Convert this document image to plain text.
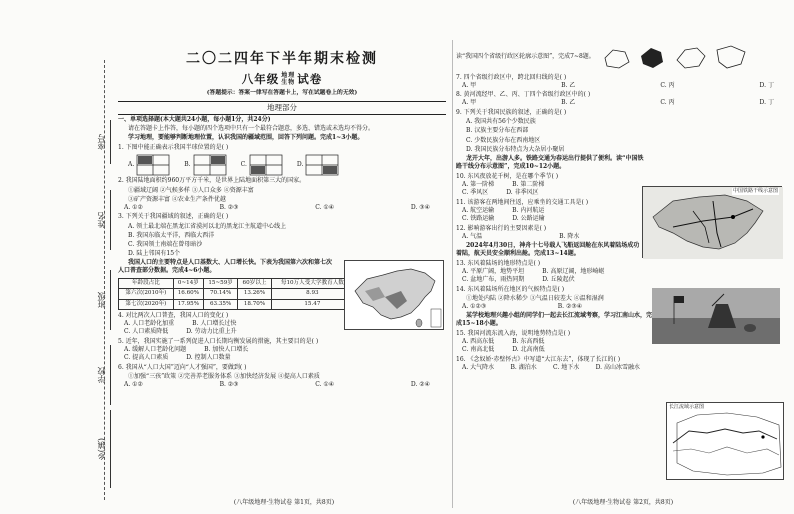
座号
姓名
班级
学校
乡(镇)
二〇二四年下半年期末检测
八年级 地理
生物 试卷
(答题提示：答案一律写在答题卡上，写在试题卷上的无效)
地理部分
一、单项选择题(本大题共24小题，每小题1分，共24分)
请在答题卡上作答，每小题的四个选项中只有一个最符合题意，多选、错选或未选均不得分。
学习地理，要能够判断地理位置，认识我国的疆域范围，回答下列问题。完成1~3小题。
1. 下图中能正确表示我国半球位置的是( )
A.	B.	C.	D.
2. 我国陆地面积约960万平方千米，是世界上陆地面积第三大的国家。
①疆域辽阔 ②气候多样 ③人口众多 ④资源丰富
③矿产资源丰富 ④农业生产条件优越
A. ①②	B. ②③	C. ①④	D. ③④
3. 下列关于我国疆域的叙述，正确的是( )
A. 领土最北端在黑龙江省漠河以北的黑龙江主航道中心线上
B. 我国东临太平洋，西临大西洋
C. 我国领土南端在曾母暗沙
D. 陆上邻国有15个
我国人口的主要特点是人口基数大、人口增长快。下表为我国第六次和第七次人口普查部分数据。完成4~6小题。
年龄段占比	0~14岁	15~59岁	60岁以上	每10万人受大学教育人数
第六次(2010年)	16.60%	70.14%	13.26%	8.93
第七次(2020年)	17.95%	63.35%	18.70%	15.47
4. 对比两次人口普查，我国人口的变化( )
A. 人口老龄化加重	B. 人口增长过快
C. 人口素质降低	D. 劳动力比重上升
5. 近年，我国实施了一系列促进人口长期均衡发展的措施，其主要目的是( )
A. 缓解人口老龄化问题	B. 加快人口增长
C. 提高人口素质	D. 控制人口数量
6. 我国从“人口大国”迈向“人才强国”，要做到( )
①加强“三孩”政策 ②完善养老服务体系 ③加快经济发展 ④提高人口素质
A. ①②	B. ②③	C. ①④	D. ②④
(八年级地理·生物试卷 第1页，共8页)
读“我国四个省级行政区轮廓示意图”，完成7~8题。
7. 四个省级行政区中，跨北回归线的是( )
A. 甲	B. 乙	C. 丙	D. 丁
8. 黄河流经甲、乙、丙、丁四个省级行政区中的( )
A. 甲	B. 乙	C. 丙	D. 丁
9. 下列关于我国民族的叙述，正确的是( )
A. 我国共有56个少数民族
B. 汉族主要分布在西部
C. 少数民族分布在西南地区
D. 我国民族分布特点为大杂居小聚居
龙开大年，出游人多。铁路交通为春运出行提供了便利。读“中国铁路干线分布示意图”，完成10~12小题。
10. 东风夜放花千树，是在哪个季节( )
A. 第一阶梯	B. 第二阶梯
C. 季风区	D. 非季风区
11. 该游客在两地间往返，应乘坐的交通工具是( )
A. 航空运输	B. 内河航运
C. 铁路运输	D. 公路运输
12. 影响游客出行的主要因素是( )
A. 气温	B. 降水
2024年4月30日，神舟十七号载人飞船返回舱在东风着陆场成功着陆，航天员安全顺利出舱。完成13~14题。
13. 东风着陆场的地形特点是( )
A. 平原广阔，地势平坦	B. 高原辽阔，地形崎岖
C. 盆地广布，雨热同期	D. 丘陵起伏
14. 东风着陆场所在地区的气候特点是( )
①地处内陆 ②降水稀少 ③气温日较差大 ④温和湿润
A. ①②③	B. ②③④
某学校地理兴趣小组的同学们一起去长江流域考察，学习江南山水，完成15~18小题。
15. 我国河流东流入海，说明地势特点是( )
A. 西高东低	B. 东高西低
C. 南高北低	D. 北高南低
16. 《念奴娇·赤壁怀古》中写道“大江东去”，体现了长江的( )
A. 大气降水	B. 湖泊水	C. 地下水	D. 高山冰雪融水
中国铁路干线示意图
长江流域示意图
(八年级地理·生物试卷 第2页，共8页)
